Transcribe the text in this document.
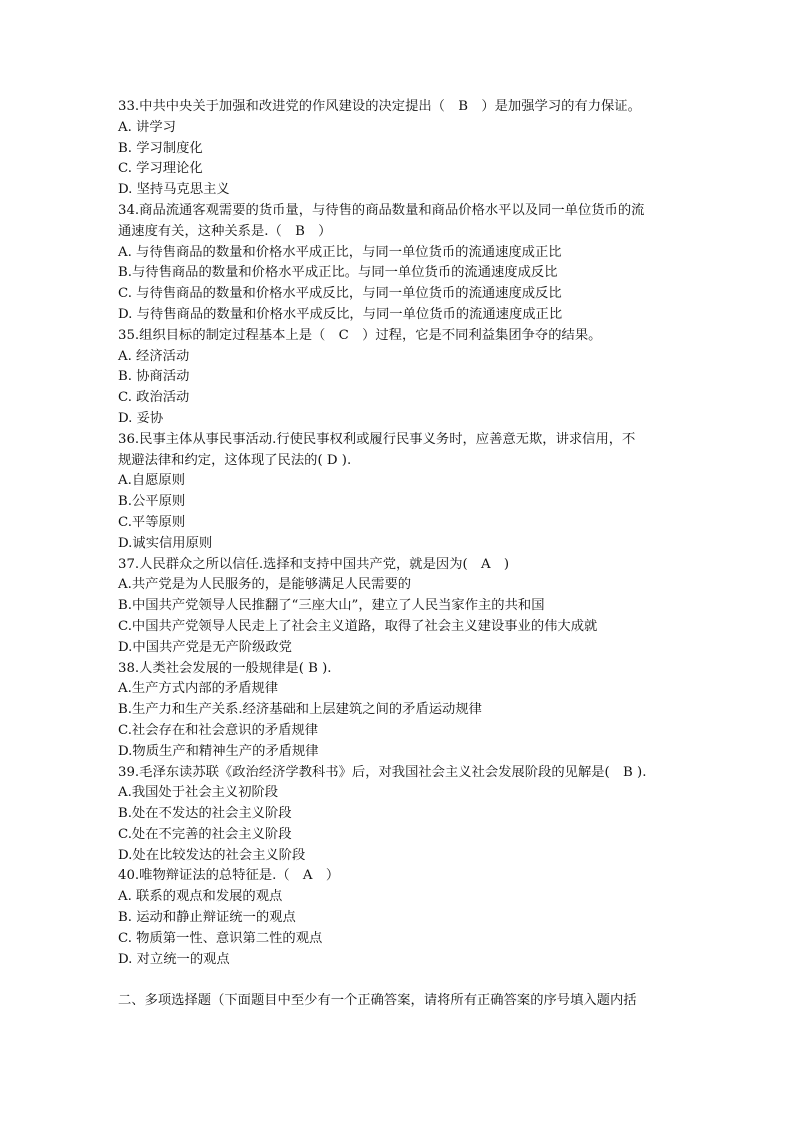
33.中共中央关于加强和改进党的作风建设的决定提出（　B　）是加强学习的有力保证。
A. 讲学习
B. 学习制度化
C. 学习理论化
D. 坚持马克思主义
34.商品流通客观需要的货币量，与待售的商品数量和商品价格水平以及同一单位货币的流
通速度有关，这种关系是.（　B　）
A. 与待售商品的数量和价格水平成正比，与同一单位货币的流通速度成正比
B.与待售商品的数量和价格水平成正比。与同一单位货币的流通速度成反比
C. 与待售商品的数量和价格水平成反比，与同一单位货币的流通速度成反比
D. 与待售商品的数量和价格水平成反比，与同一单位货币的流通速度成正比
35.组织目标的制定过程基本上是（　C　）过程，它是不同利益集团争夺的结果。
A. 经济活动
B. 协商活动
C. 政治活动
D. 妥协
36.民事主体从事民事活动.行使民事权利或履行民事义务时，应善意无欺，讲求信用，不
规避法律和约定，这体现了民法的( D ).
A.自愿原则
B.公平原则
C.平等原则
D.诚实信用原则
37.人民群众之所以信任.选择和支持中国共产党，就是因为(　A　)
A.共产党是为人民服务的，是能够满足人民需要的
B.中国共产党领导人民推翻了“三座大山”，建立了人民当家作主的共和国
C.中国共产党领导人民走上了社会主义道路，取得了社会主义建设事业的伟大成就
D.中国共产党是无产阶级政党
38.人类社会发展的一般规律是( B ).
A.生产方式内部的矛盾规律
B.生产力和生产关系.经济基础和上层建筑之间的矛盾运动规律
C.社会存在和社会意识的矛盾规律
D.物质生产和精神生产的矛盾规律
39.毛泽东读苏联《政治经济学教科书》后，对我国社会主义社会发展阶段的见解是(　B ).
A.我国处于社会主义初阶段
B.处在不发达的社会主义阶段
C.处在不完善的社会主义阶段
D.处在比较发达的社会主义阶段
40.唯物辩证法的总特征是.（　A　）
A. 联系的观点和发展的观点
B. 运动和静止辩证统一的观点
C. 物质第一性、意识第二性的观点
D. 对立统一的观点
二、多项选择题（下面题目中至少有一个正确答案，请将所有正确答案的序号填入题内括
